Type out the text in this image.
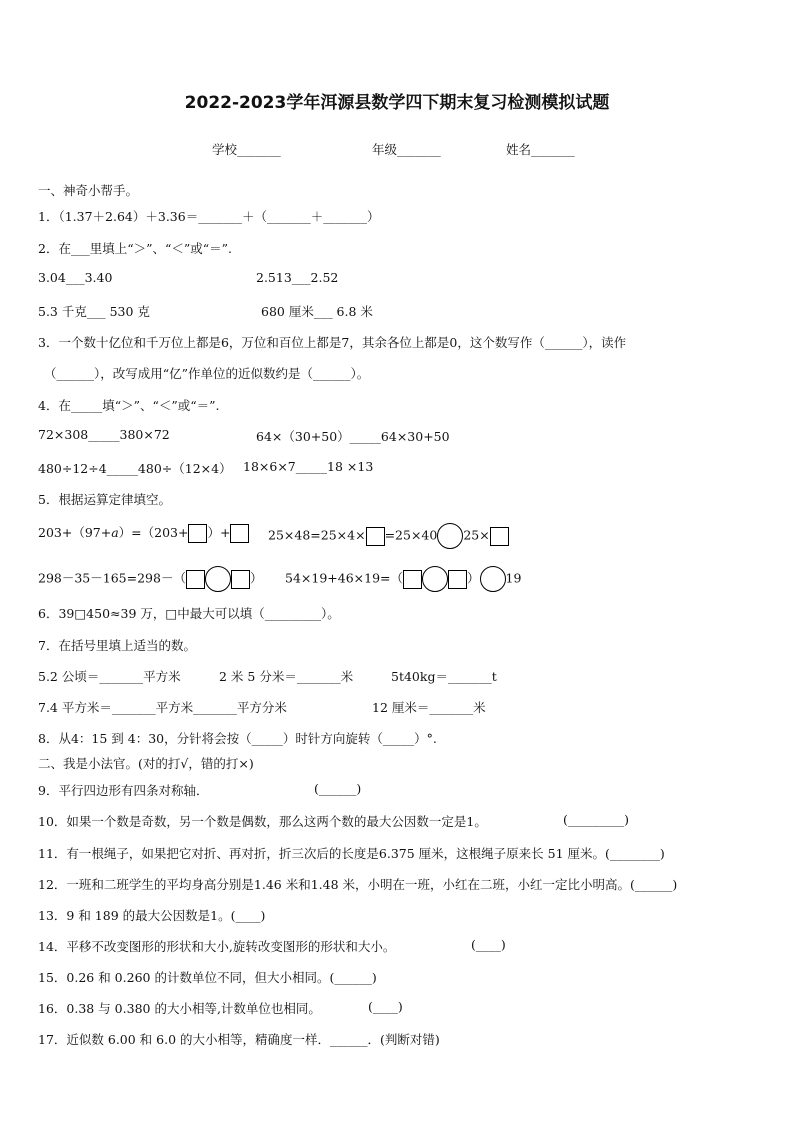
2022-2023学年洱源县数学四下期末复习检测模拟试题
学校_______	年级_______	姓名_______
一、神奇小帮手。
1．（1.37＋2.64）＋3.36＝_______＋（_______＋_______）
2．在___里填上“＞”、“＜”或“＝”.
3.04___3.40	2.513___2.52
5.3 千克___ 530 克	680 厘米___ 6.8 米
3．一个数十亿位和千万位上都是6，万位和百位上都是7，其余各位上都是0，这个数写作（______），读作
（______），改写成用“亿”作单位的近似数约是（______）。
4．在_____填“＞”、“＜”或“＝”.
72×308_____380×72	64×（30+50）_____64×30+50
480÷12÷4_____480÷（12×4） 18×6×7_____18 ×13
5．根据运算定律填空。
203+（97+a）=（203+ ）+	25×48=25×4× =25×40 25×
298－35－165=298－（	） 54×19+46×19=（	） 19
6．39□450≈39 万，□中最大可以填（_________）。
7．在括号里填上适当的数。
5.2 公顷＝_______平方米	2 米 5 分米＝_______米	5t40kg＝_______t
7.4 平方米＝_______平方米_______平方分米	12 厘米＝_______米
8．从4：15 到 4：30，分针将会按（_____）时针方向旋转（_____）°.
二、我是小法官。(对的打√，错的打×)
9．平行四边形有四条对称轴．	(______)
10．如果一个数是奇数，另一个数是偶数，那么这两个数的最大公因数一定是1。	(_________)
11．有一根绳子，如果把它对折、再对折，折三次后的长度是6.375 厘米，这根绳子原来长 51 厘米。(________)
12．一班和二班学生的平均身高分别是1.46 米和1.48 米，小明在一班，小红在二班，小红一定比小明高。(______)
13．9 和 189 的最大公因数是1。(____)
14．平移不改变图形的形状和大小,旋转改变图形的形状和大小。	(____)
15．0.26 和 0.260 的计数单位不同，但大小相同。(______)
16．0.38 与 0.380 的大小相等,计数单位也相同。	(____)
17．近似数 6.00 和 6.0 的大小相等，精确度一样．______．(判断对错)
